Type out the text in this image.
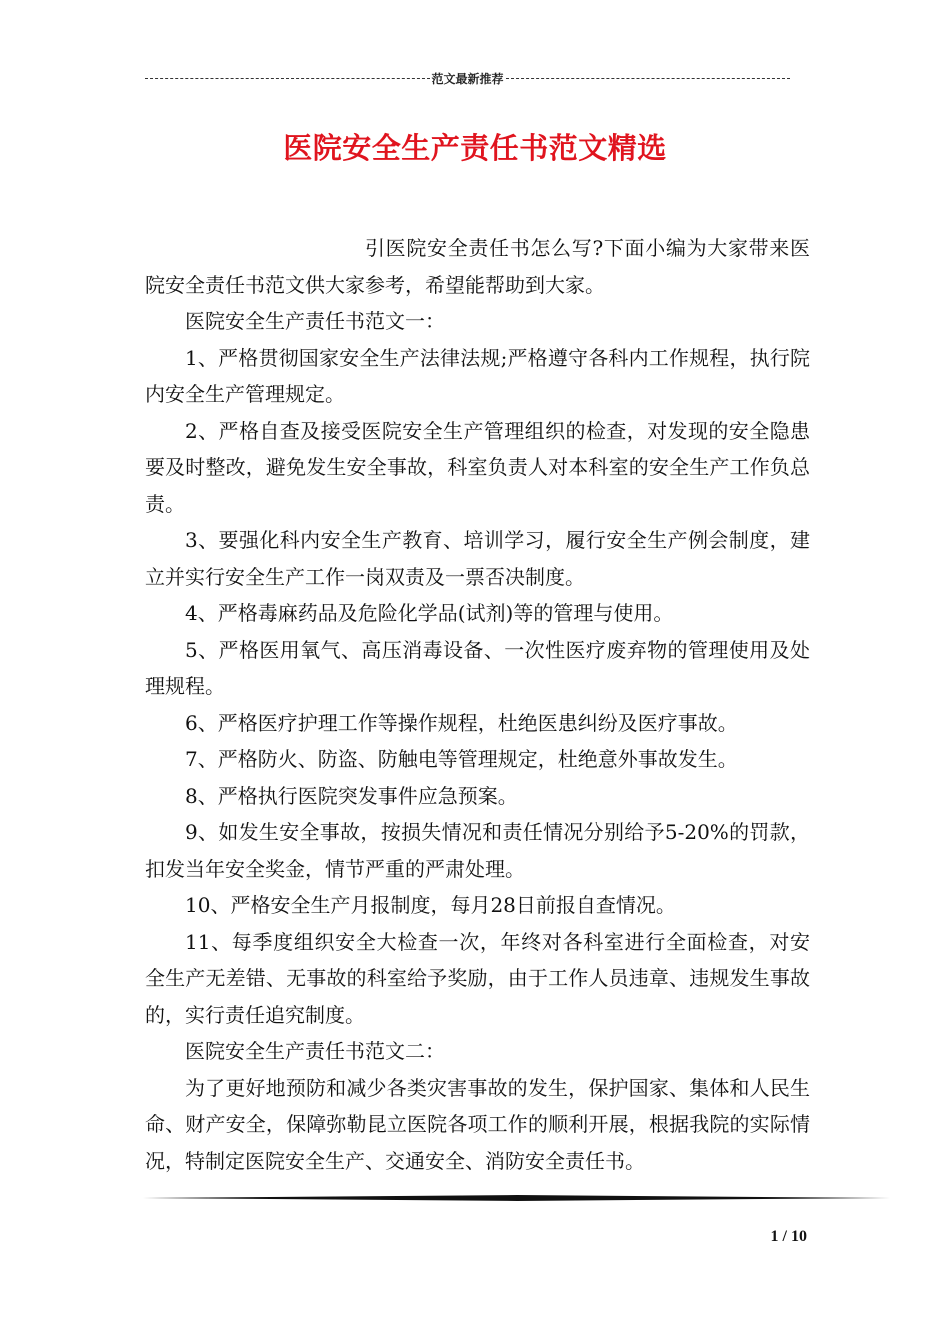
范文最新推荐
医院安全生产责任书范文精选

引医院安全责任书怎么写?下面小编为大家带来医院安全责任书范文供大家参考，希望能帮助到大家。

医院安全生产责任书范文一：

1、严格贯彻国家安全生产法律法规;严格遵守各科内工作规程，执行院内安全生产管理规定。

2、严格自查及接受医院安全生产管理组织的检查，对发现的安全隐患要及时整改，避免发生安全事故，科室负责人对本科室的安全生产工作负总责。

3、要强化科内安全生产教育、培训学习，履行安全生产例会制度，建立并实行安全生产工作一岗双责及一票否决制度。

4、严格毒麻药品及危险化学品(试剂)等的管理与使用。

5、严格医用氧气、高压消毒设备、一次性医疗废弃物的管理使用及处理规程。

6、严格医疗护理工作等操作规程，杜绝医患纠纷及医疗事故。

7、严格防火、防盗、防触电等管理规定，杜绝意外事故发生。

8、严格执行医院突发事件应急预案。

9、如发生安全事故，按损失情况和责任情况分别给予5-20%的罚款，扣发当年安全奖金，情节严重的严肃处理。

10、严格安全生产月报制度，每月28日前报自查情况。

11、每季度组织安全大检查一次，年终对各科室进行全面检查，对安全生产无差错、无事故的科室给予奖励，由于工作人员违章、违规发生事故的，实行责任追究制度。

医院安全生产责任书范文二：

为了更好地预防和减少各类灾害事故的发生，保护国家、集体和人民生命、财产安全，保障弥勒昆立医院各项工作的顺利开展，根据我院的实际情况，特制定医院安全生产、交通安全、消防安全责任书。

1 / 10
